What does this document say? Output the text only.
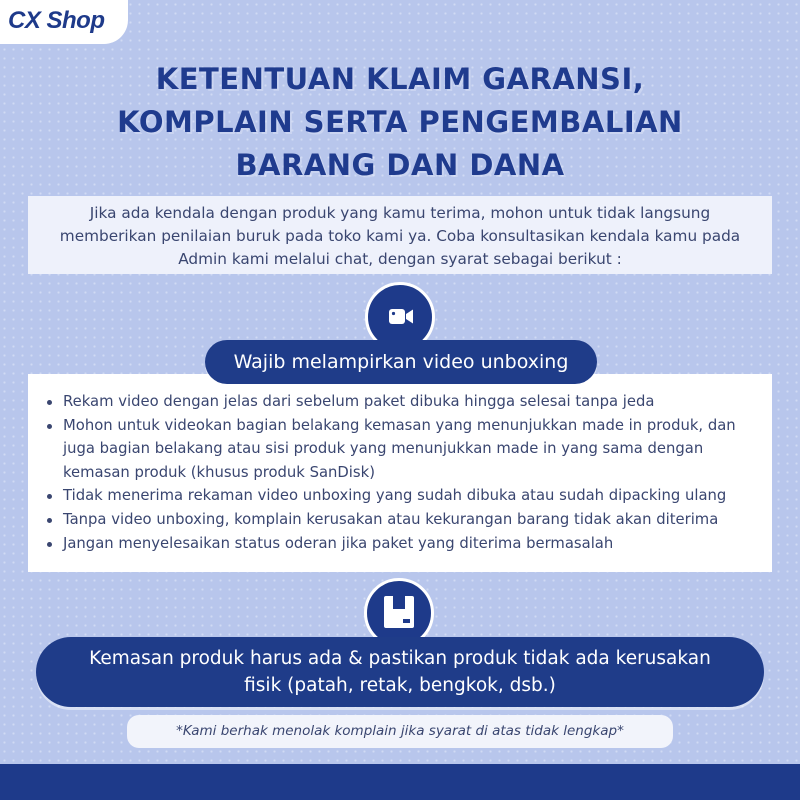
CX Shop
KETENTUAN KLAIM GARANSI,
KOMPLAIN SERTA PENGEMBALIAN
BARANG DAN DANA

Jika ada kendala dengan produk yang kamu terima, mohon untuk tidak langsung
memberikan penilaian buruk pada toko kami ya. Coba konsultasikan kendala kamu pada
Admin kami melalui chat, dengan syarat sebagai berikut :

Wajib melampirkan video unboxing
Rekam video dengan jelas dari sebelum paket dibuka hingga selesai tanpa jeda
Mohon untuk videokan bagian belakang kemasan yang menunjukkan made in produk, dan juga bagian belakang atau sisi produk yang menunjukkan made in yang sama dengan kemasan produk (khusus produk SanDisk)
Tidak menerima rekaman video unboxing yang sudah dibuka atau sudah dipacking ulang
Tanpa video unboxing, komplain kerusakan atau kekurangan barang tidak akan diterima
Jangan menyelesaikan status oderan jika paket yang diterima bermasalah
Kemasan produk harus ada & pastikan produk tidak ada kerusakan
fisik (patah, retak, bengkok, dsb.)
*Kami berhak menolak komplain jika syarat di atas tidak lengkap*
